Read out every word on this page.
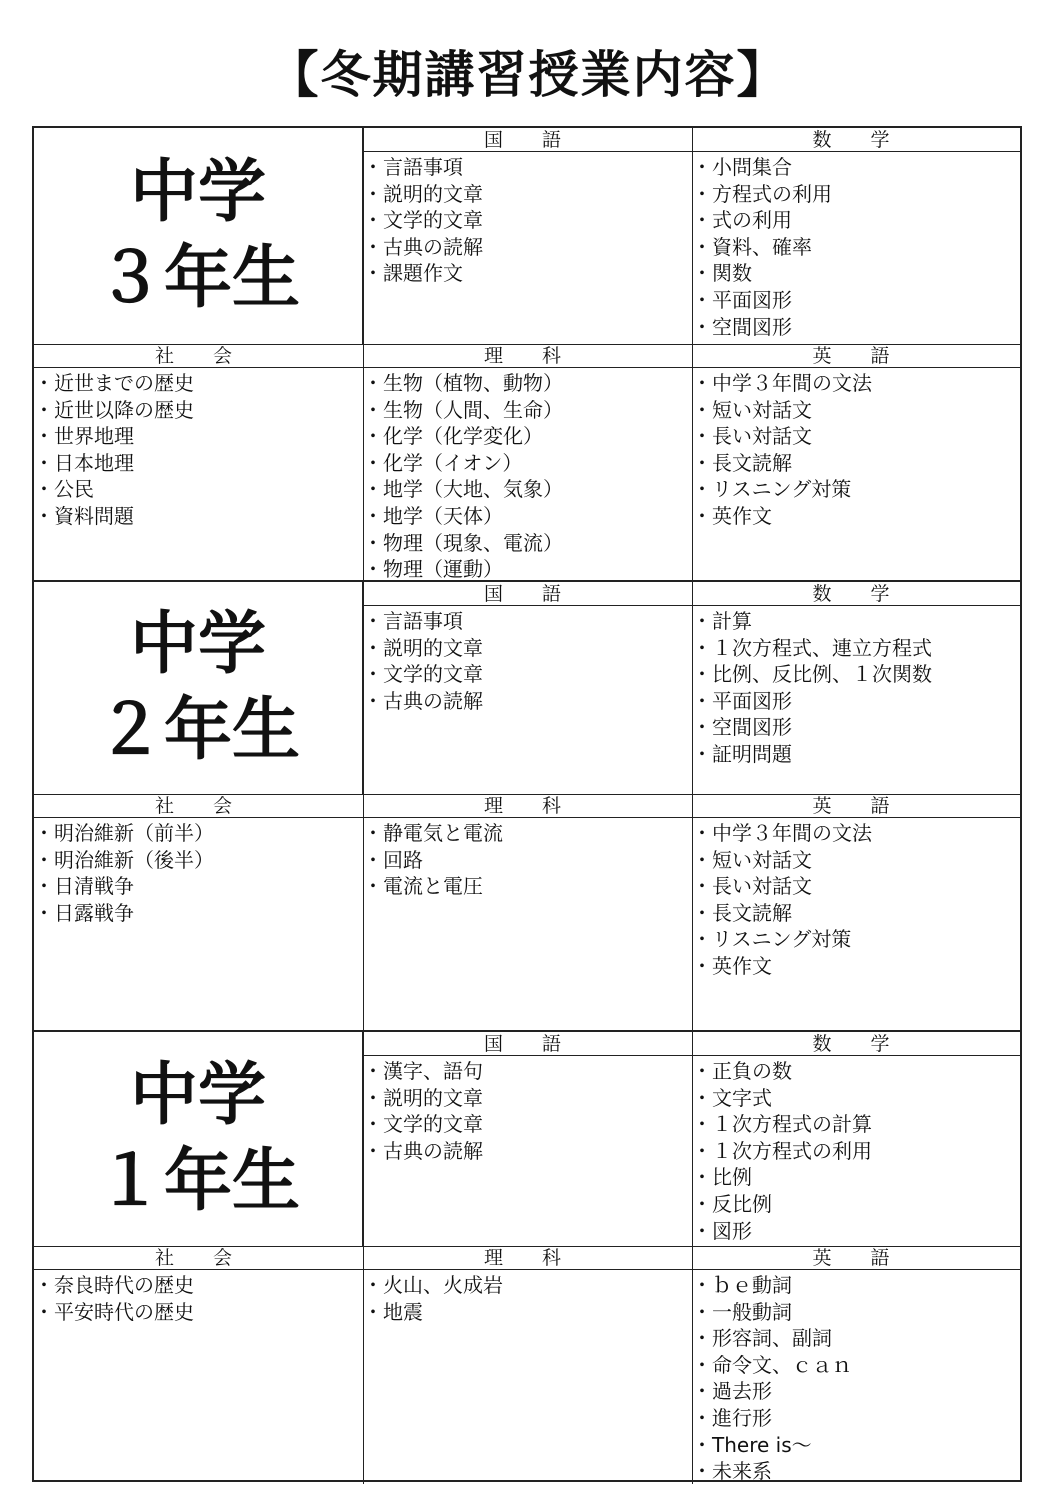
【冬期講習授業内容】
中学
３年生
国　語
・ 言語事項
・ 説明的文章
・ 文学的文章
・ 古典の読解
・ 課題作文
数　学
・ 小問集合
・ 方程式の利用
・ 式の利用
・ 資料、確率
・ 関数
・ 平面図形
・ 空間図形
社　会
・ 近世までの歴史
・ 近世以降の歴史
・ 世界地理
・ 日本地理
・ 公民
・ 資料問題
理　科
・ 生物（植物、動物）
・ 生物（人間、生命）
・ 化学（化学変化）
・ 化学（イオン）
・ 地学（大地、気象）
・ 地学（天体）
・ 物理（現象、電流）
・ 物理（運動）
英　語
・ 中学３年間の文法
・ 短い対話文
・ 長い対話文
・ 長文読解
・ リスニング対策
・ 英作文
中学
２年生
国　語
・ 言語事項
・ 説明的文章
・ 文学的文章
・ 古典の読解
数　学
・ 計算
・ １次方程式、連立方程式
・ 比例、反比例、１次関数
・ 平面図形
・ 空間図形
・ 証明問題
社　会
・ 明治維新（前半）
・ 明治維新（後半）
・ 日清戦争
・ 日露戦争
理　科
・ 静電気と電流
・ 回路
・ 電流と電圧
英　語
・ 中学３年間の文法
・ 短い対話文
・ 長い対話文
・ 長文読解
・ リスニング対策
・ 英作文
中学
１年生
国　語
・ 漢字、語句
・ 説明的文章
・ 文学的文章
・ 古典の読解
数　学
・ 正負の数
・ 文字式
・ １次方程式の計算
・ １次方程式の利用
・ 比例
・ 反比例
・ 図形
社　会
・ 奈良時代の歴史
・ 平安時代の歴史
理　科
・ 火山、火成岩
・ 地震
英　語
・ ｂｅ動詞
・ 一般動詞
・ 形容詞、副詞
・ 命令文、ｃａｎ
・ 過去形
・ 進行形
・ There is～
・ 未来系
